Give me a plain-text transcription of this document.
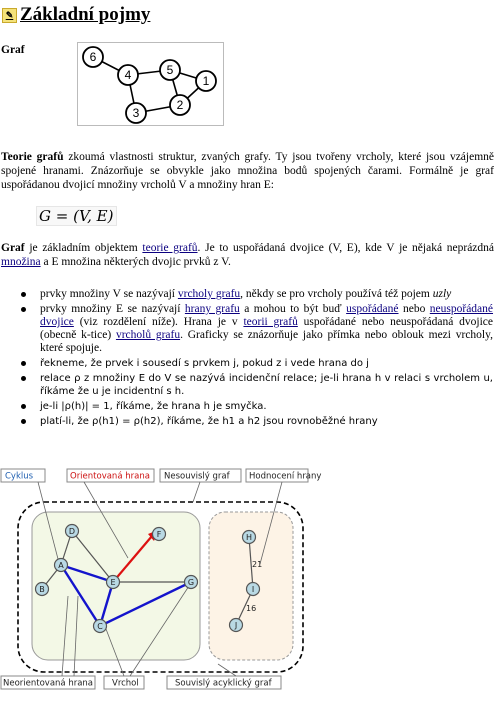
✎ Základní pojmy
Graf	6
4	5
1
2
3
Teorie grafů zkoumá vlastnosti struktur, zvaných grafy. Ty jsou tvořeny vrcholy, které jsou vzájemně spojené hranami. Znázorňuje se obvykle jako množina bodů spojených čarami. Formálně je graf uspořádanou dvojicí množiny vrcholů V a množiny hran E:
G = (V, E)
Graf je základním objektem teorie grafů. Je to uspořádaná dvojice (V, E), kde V je nějaká neprázdná množina a E množina některých dvojic prvků z V.
prvky množiny V se nazývají vrcholy grafu, někdy se pro vrcholy používá též pojem uzly
prvky množiny E se nazývají hrany grafu a mohou to být buď uspořádané nebo neuspořádané dvojice (viz rozdělení níže). Hrana je v teorii grafů uspořádané nebo neuspořádaná dvojice (obecně k-tice) vrcholů grafu. Graficky se znázorňuje jako přímka nebo oblouk mezi vrcholy, které spojuje.
řekneme, že prvek i sousedí s prvkem j, pokud z i vede hrana do j
relace ρ z množiny E do V se nazývá incidenční relace; je-li hrana h v relaci s vrcholem u, říkáme že u je incidentní s h.
je-li |ρ(h)| = 1, říkáme, že hrana h je smyčka.
platí-li, že ρ(h1) = ρ(h2), říkáme, že h1 a h2 jsou rovnoběžné hrany
Cyklus	Orientovaná hrana Nesouvislý graf Hodnocení hrany
Neorientovaná hrana Vrchol	Souvislý acyklický graf
D	F
A
E	G
B
C
H
I
J
21
16
